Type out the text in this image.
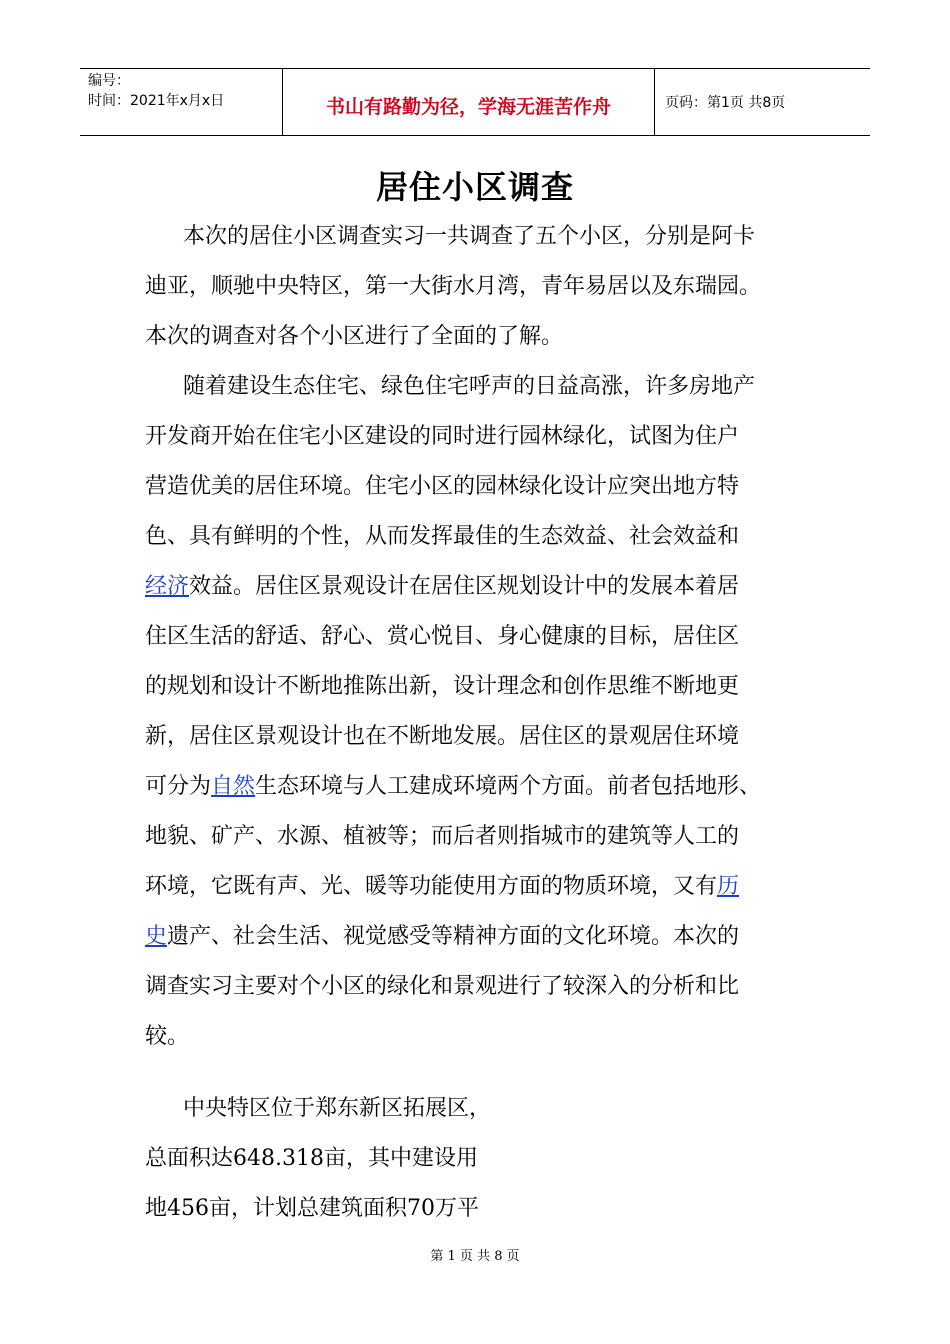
编号：
时间：2021年x月x日	书山有路勤为径，学海无涯苦作舟	页码：第1页 共8页
居住小区调查
本次的居住小区调查实习一共调查了五个小区，分别是阿卡
迪亚，顺驰中央特区，第一大街水月湾，青年易居以及东瑞园。
本次的调查对各个小区进行了全面的了解。
随着建设生态住宅、绿色住宅呼声的日益高涨，许多房地产
开发商开始在住宅小区建设的同时进行园林绿化，试图为住户
营造优美的居住环境。住宅小区的园林绿化设计应突出地方特
色、具有鲜明的个性，从而发挥最佳的生态效益、社会效益和
经济效益。居住区景观设计在居住区规划设计中的发展本着居
住区生活的舒适、舒心、赏心悦目、身心健康的目标，居住区
的规划和设计不断地推陈出新，设计理念和创作思维不断地更
新，居住区景观设计也在不断地发展。居住区的景观居住环境
可分为自然生态环境与人工建成环境两个方面。前者包括地形、
地貌、矿产、水源、植被等；而后者则指城市的建筑等人工的
环境，它既有声、光、暖等功能使用方面的物质环境，又有历
史遗产、社会生活、视觉感受等精神方面的文化环境。本次的
调查实习主要对个小区的绿化和景观进行了较深入的分析和比
较。
中央特区位于郑东新区拓展区，
总面积达648.318亩，其中建设用
地456亩，计划总建筑面积70万平
第 1 页 共 8 页
